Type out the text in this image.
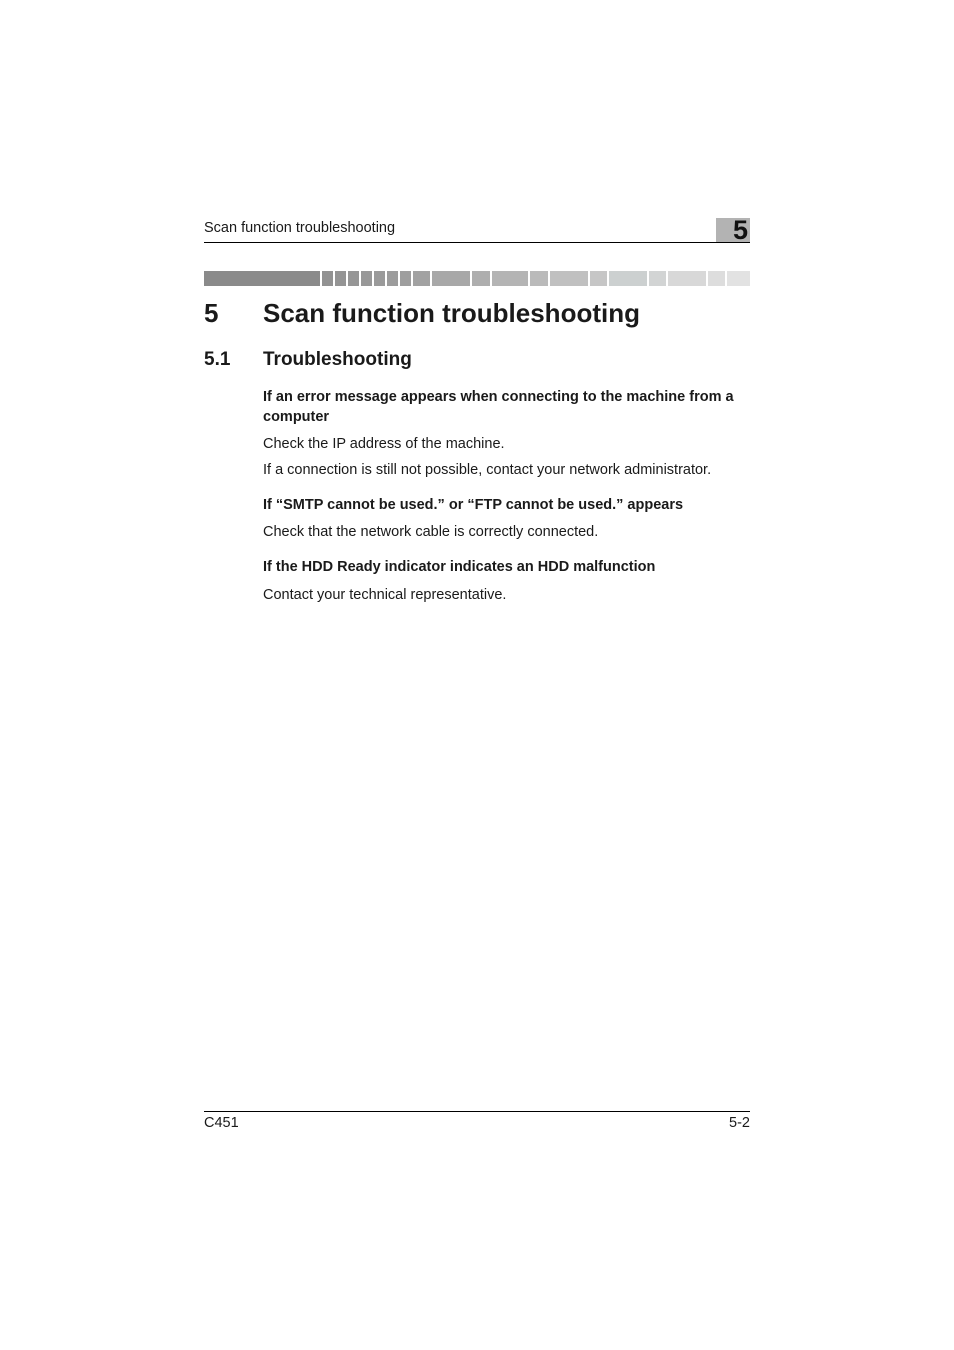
Scan function troubleshooting	5
5 Scan function troubleshooting
5.1 Troubleshooting

If an error message appears when connecting to the machine from a computer

Check the IP address of the machine.

If a connection is still not possible, contact your network administrator.

If “SMTP cannot be used.” or “FTP cannot be used.” appears

Check that the network cable is correctly connected.

If the HDD Ready indicator indicates an HDD malfunction

Contact your technical representative.

C451	5-2
